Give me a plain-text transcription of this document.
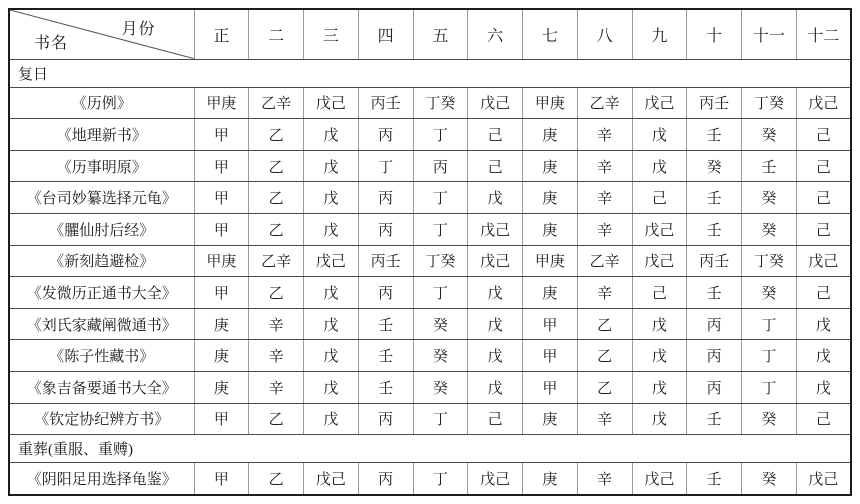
月份
书名	正	二	三	四	五	六	七	八	九	十	十一	十二
复日												
《历例》	甲庚	乙辛	戊己	丙壬	丁癸	戊己	甲庚	乙辛	戊己	丙壬	丁癸	戊己
《地理新书》	甲	乙	戊	丙	丁	己	庚	辛	戊	壬	癸	己
《历事明原》	甲	乙	戊	丁	丙	己	庚	辛	戊	癸	壬	己
《台司妙纂选择元龟》	甲	乙	戊	丙	丁	戊	庚	辛	己	壬	癸	己
《臞仙肘后经》	甲	乙	戊	丙	丁	戊己	庚	辛	戊己	壬	癸	己
《新刻趋避检》	甲庚	乙辛	戊己	丙壬	丁癸	戊己	甲庚	乙辛	戊己	丙壬	丁癸	戊己
《发微历正通书大全》	甲	乙	戊	丙	丁	戊	庚	辛	己	壬	癸	己
《刘氏家藏阐微通书》	庚	辛	戊	壬	癸	戊	甲	乙	戊	丙	丁	戊
《陈子性藏书》	庚	辛	戊	壬	癸	戊	甲	乙	戊	丙	丁	戊
《象吉备要通书大全》	庚	辛	戊	壬	癸	戊	甲	乙	戊	丙	丁	戊
《钦定协纪辨方书》	甲	乙	戊	丙	丁	己	庚	辛	戊	壬	癸	己
重葬(重服、重赙)												
《阴阳足用选择龟鉴》	甲	乙	戊己	丙	丁	戊己	庚	辛	戊己	壬	癸	戊己
